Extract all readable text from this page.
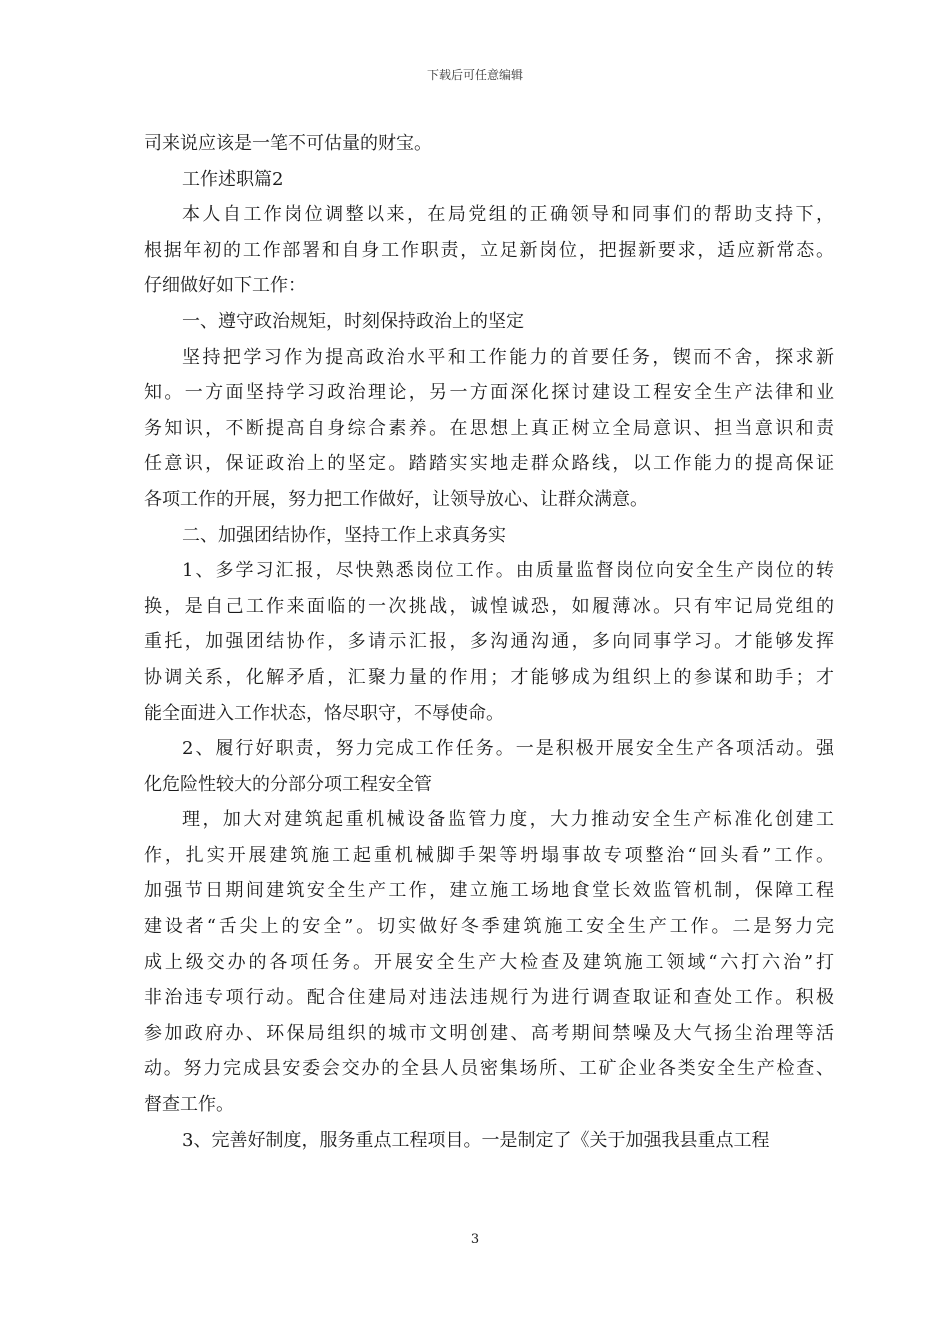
下载后可任意编辑
司来说应该是一笔不可估量的财宝。
工作述职篇2
本人自工作岗位调整以来，在局党组的正确领导和同事们的帮助支持下，
根据年初的工作部署和自身工作职责，立足新岗位，把握新要求，适应新常态。
仔细做好如下工作：
一、遵守政治规矩，时刻保持政治上的坚定
坚持把学习作为提高政治水平和工作能力的首要任务，锲而不舍，探求新
知。一方面坚持学习政治理论，另一方面深化探讨建设工程安全生产法律和业
务知识，不断提高自身综合素养。在思想上真正树立全局意识、担当意识和责
任意识，保证政治上的坚定。踏踏实实地走群众路线，以工作能力的提高保证
各项工作的开展，努力把工作做好，让领导放心、让群众满意。
二、加强团结协作，坚持工作上求真务实
1、多学习汇报，尽快熟悉岗位工作。由质量监督岗位向安全生产岗位的转
换，是自己工作来面临的一次挑战，诚惶诚恐，如履薄冰。只有牢记局党组的
重托，加强团结协作，多请示汇报，多沟通沟通，多向同事学习。才能够发挥
协调关系，化解矛盾，汇聚力量的作用；才能够成为组织上的参谋和助手；才
能全面进入工作状态，恪尽职守，不辱使命。
2、履行好职责，努力完成工作任务。一是积极开展安全生产各项活动。强
化危险性较大的分部分项工程安全管
理，加大对建筑起重机械设备监管力度，大力推动安全生产标准化创建工
作，扎实开展建筑施工起重机械脚手架等坍塌事故专项整治“回头看”工作。
加强节日期间建筑安全生产工作，建立施工场地食堂长效监管机制，保障工程
建设者“舌尖上的安全”。切实做好冬季建筑施工安全生产工作。二是努力完
成上级交办的各项任务。开展安全生产大检查及建筑施工领域“六打六治”打
非治违专项行动。配合住建局对违法违规行为进行调查取证和查处工作。积极
参加政府办、环保局组织的城市文明创建、高考期间禁噪及大气扬尘治理等活
动。努力完成县安委会交办的全县人员密集场所、工矿企业各类安全生产检查、
督查工作。
3、完善好制度，服务重点工程项目。一是制定了《关于加强我县重点工程
3
